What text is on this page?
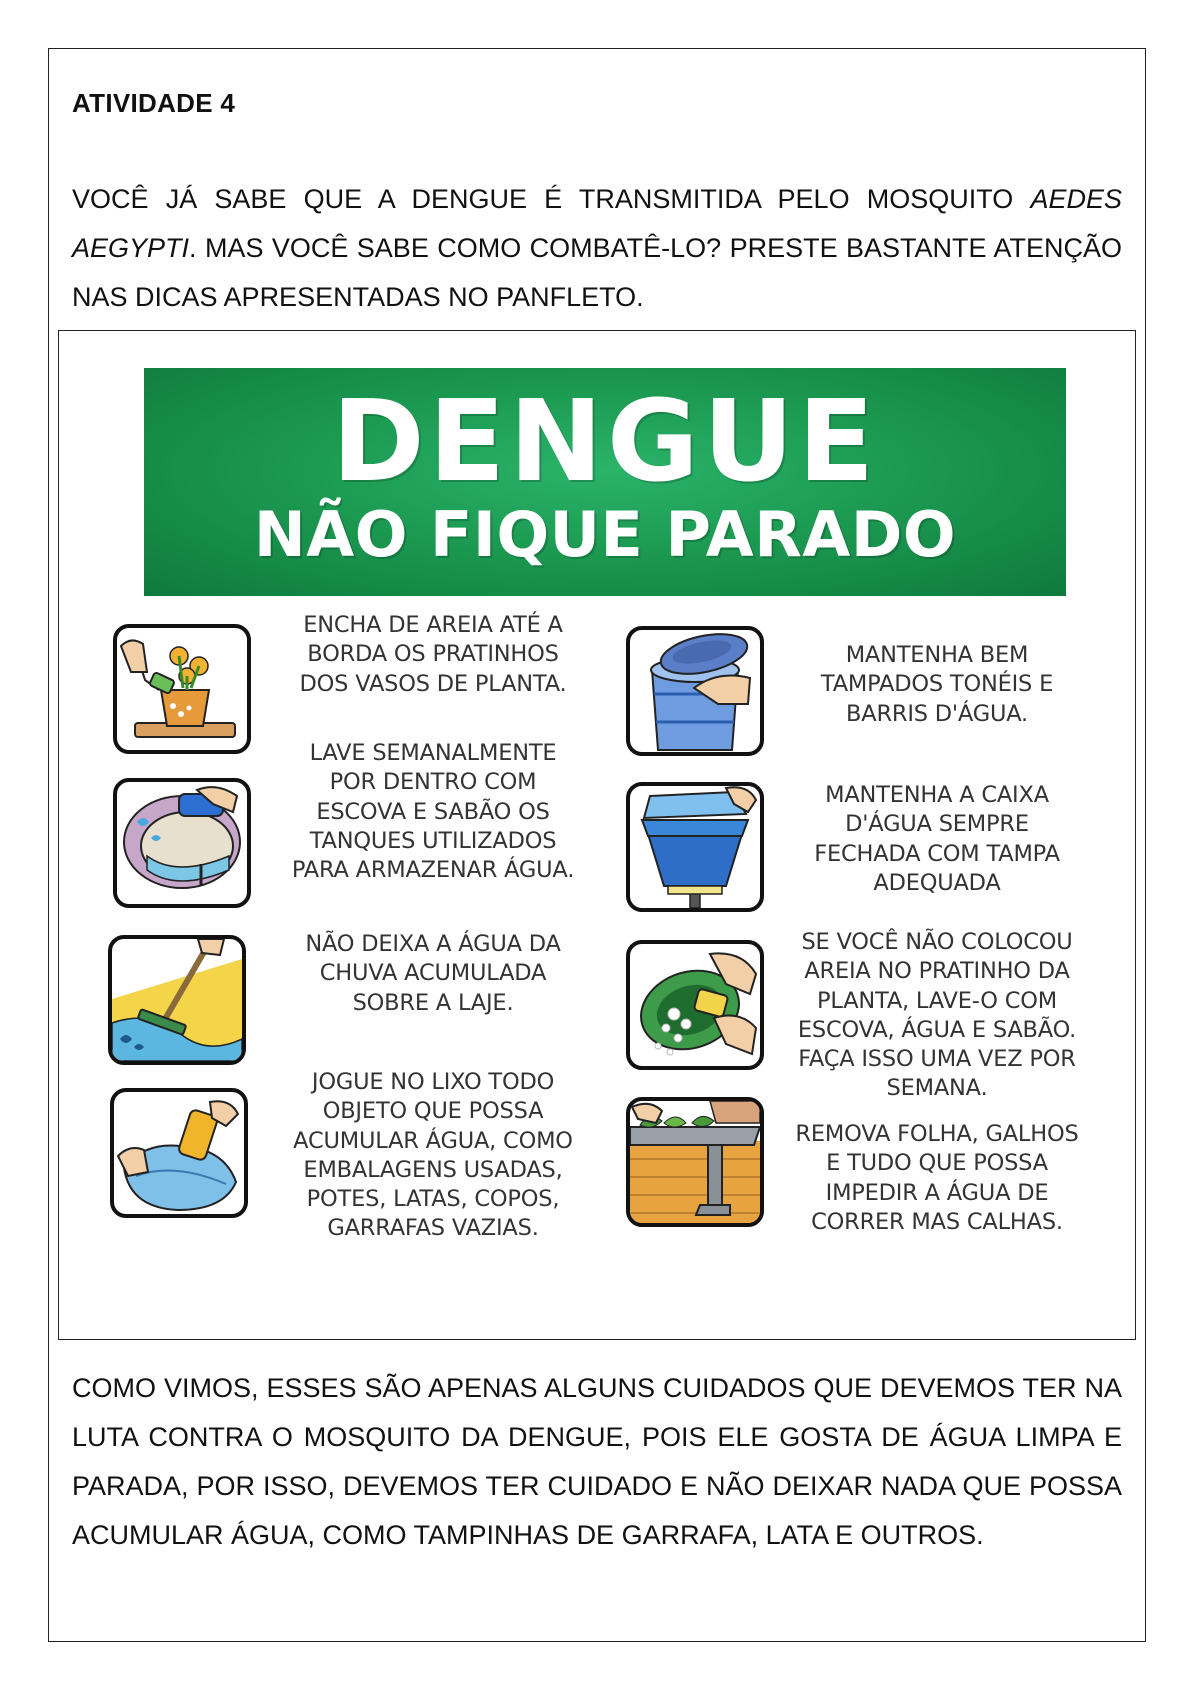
ATIVIDADE 4
VOCÊ JÁ SABE QUE A DENGUE É TRANSMITIDA PELO MOSQUITO AEDES AEGYPTI. MAS VOCÊ SABE COMO COMBATÊ-LO? PRESTE BASTANTE ATENÇÃO NAS DICAS APRESENTADAS NO PANFLETO.
DENGUE
NÃO FIQUE PARADO
ENCHA DE AREIA ATÉ A
BORDA OS PRATINHOS
DOS VASOS DE PLANTA.
LAVE SEMANALMENTE
POR DENTRO COM
ESCOVA E SABÃO OS
TANQUES UTILIZADOS
PARA ARMAZENAR ÁGUA.
NÃO DEIXA A ÁGUA DA
CHUVA ACUMULADA
SOBRE A LAJE.
JOGUE NO LIXO TODO
OBJETO QUE POSSA
ACUMULAR ÁGUA, COMO
EMBALAGENS USADAS,
POTES, LATAS, COPOS,
GARRAFAS VAZIAS.
MANTENHA BEM
TAMPADOS TONÉIS E
BARRIS D'ÁGUA.
MANTENHA A CAIXA
D'ÁGUA SEMPRE
FECHADA COM TAMPA
ADEQUADA
SE VOCÊ NÃO COLOCOU
AREIA NO PRATINHO DA
PLANTA, LAVE-O COM
ESCOVA, ÁGUA E SABÃO.
FAÇA ISSO UMA VEZ POR
SEMANA.
REMOVA FOLHA, GALHOS
E TUDO QUE POSSA
IMPEDIR A ÁGUA DE
CORRER MAS CALHAS.
COMO VIMOS, ESSES SÃO APENAS ALGUNS CUIDADOS QUE DEVEMOS TER NA LUTA CONTRA O MOSQUITO DA DENGUE, POIS ELE GOSTA DE ÁGUA LIMPA E PARADA, POR ISSO, DEVEMOS TER CUIDADO E NÃO DEIXAR NADA QUE POSSA ACUMULAR ÁGUA, COMO TAMPINHAS DE GARRAFA, LATA E OUTROS.
